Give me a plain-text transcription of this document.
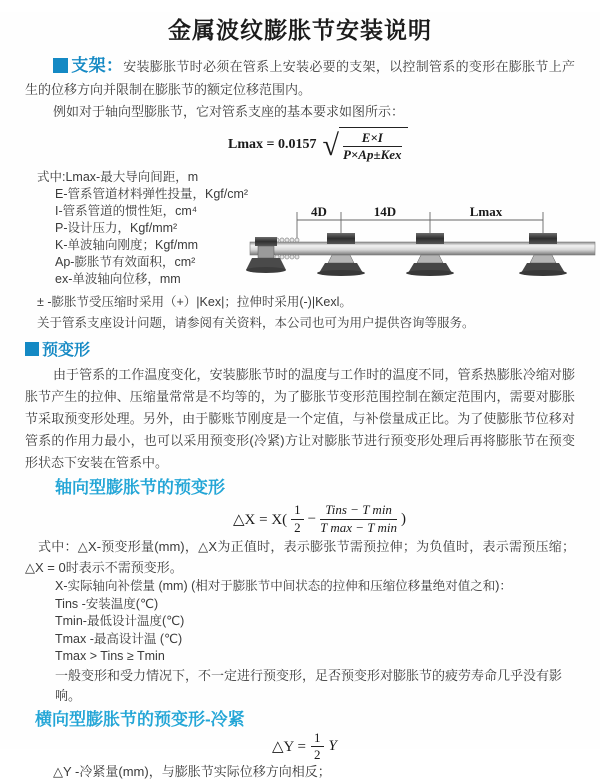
金属波纹膨胀节安装说明

支架：安装膨胀节时必须在管系上安装必要的支架，以控制管系的变形在膨胀节上产生的位移方向并限制在膨胀节的额定位移范围内。

例如对于轴向型膨胀节，它对管系支座的基本要求如图所示：

Lmax = 0.0157 √ $\frac{E\times I}{\text{P×Ap±Kex}}$
式中:Lmax-最大导向间距，m
E-管系管道材料弹性投量，Kgf/cm²
I-管系管道的惯性矩，cm⁴
P-设计压力，Kgf/mm²
K-单波轴向刚度；Kgf/mm
Ap-膨胀节有效面积，cm²
ex-单波轴向位移，mm
± -膨胀节受压缩时采用（+）|Kex|；拉伸时采用(-)|Kexl。
关于管系支座设计问题，请参阅有关资料，本公司也可为用户提供咨询等服务。
4D	14D	Lmax
预变形

由于管系的工作温度变化，安装膨胀节时的温度与工作时的温度不同，管系热膨胀冷缩对膨胀节产生的拉伸、压缩量常常是不均等的，为了膨胀节变形范围控制在额定范围内，需要对膨胀节采取预变形处理。另外，由于膨账节刚度是一个定值，与补偿量成正比。为了使膨胀节位移对管系的作用力最小，也可以采用预变形(冷紧)方让对膨胀节进行预变形处理后再将膨胀节在预变形状态下安装在管系中。

轴向型膨胀节的预变形
△X = $X( \frac{1}{2} - \frac{\text{Tins − T min}}{\text{T max − T min}}$ )

式中：△X-预变形量(mm)，△X为正值时，表示膨张节需预拉伸；为负值时，表示需预压缩；△X = 0时表示不需预变形。

X-实际轴向补偿量 (mm) (相对于膨胀节中间状态的拉伸和压缩位移量绝对值之和)：
Tins -安装温度(℃)
Tmin-最低设计温度(℃)
Tmax -最高设计温 (℃)
Tmax > Tins ≥ Tmin
一般变形和受力情况下，不一定进行预变形，足否预变形对膨胀节的疲劳寿命几乎没有影响。
横向型膨胀节的预变形-冷紧
△Y = $\frac{1}{2}$ Y
△Y -冷紧量(mm)，与膨胀节实际位移方向相反；
